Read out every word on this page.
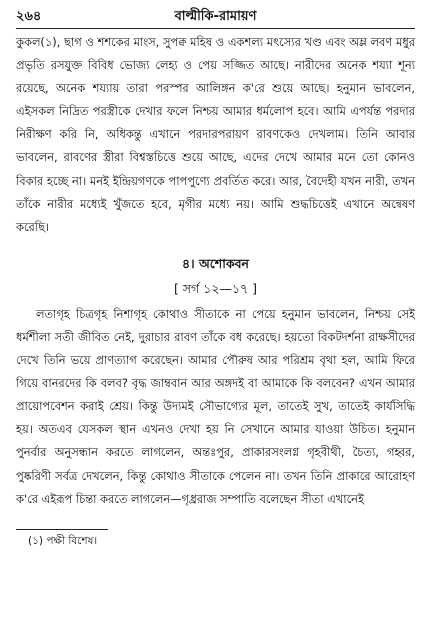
২৬৪	বাল্মীকি-রামায়ণ

কুকল(১), ছাগ ও শশকের মাংস, সুপক্ব মহিষ ও একশল্য মৎস্যের খণ্ড এবং অম্ল লবণ মধুর প্রভৃতি রসযুক্ত বিবিধ ভোজ্য লেহ্য ও পেয় সজ্জিত আছে। নারীদের অনেক শয্যা শূন্য রয়েছে, অনেক শয্যায় তারা পরস্পর আলিঙ্গন ক'রে শুয়ে আছে। হনুমান ভাবলেন, এইসকল নিদ্রিত পরস্ত্রীকে দেখার ফলে নিশ্চয় আমার ধর্মলোপ হবে। আমি এপর্যন্ত পরদার নিরীক্ষণ করি নি, অধিকন্তু এখানে পরদারপরায়ণ রাবণকেও দেখলাম। তিনি আবার ভাবলেন, রাবণের স্ত্রীরা বিশ্বস্তচিত্তে শুয়ে আছে, এদের দেখে আমার মনে তো কোনও বিকার হচ্ছে না। মনই ইন্দ্রিয়গণকে পাপপুণ্যে প্রবর্তিত করে। আর, বৈদেহী যখন নারী, তখন তাঁকে নারীর মধ্যেই খুঁজতে হবে, মৃগীর মধ্যে নয়। আমি শুদ্ধচিত্তেই এখানে অন্বেষণ করেছি।

৪। অশোকবন
[ সর্গ ১২—১৭ ]

লতাগৃহ চিত্রগৃহ নিশাগৃহ কোথাও সীতাকে না পেয়ে হনুমান ভাবলেন, নিশ্চয় সেই ধর্মশীলা সতী জীবিত নেই, দুরাচার রাবণ তাঁকে বধ করেছে। হয়তো বিকটদর্শনা রাক্ষসীদের দেখে তিনি ভয়ে প্রাণত্যাগ করেছেন। আমার পৌরুষ আর পরিশ্রম বৃথা হল, আমি ফিরে গিয়ে বানরদের কি বলব? বৃদ্ধ জাম্ববান আর অঙ্গদই বা আমাকে কি বলবেন? এখন আমার প্রায়োপবেশন করাই শ্রেয়। কিন্তু উদ্যমই সৌভাগ্যের মূল, তাতেই সুখ, তাতেই কার্যসিদ্ধি হয়। অতএব যেসকল স্থান এখনও দেখা হয় নি সেখানে আমার যাওয়া উচিত। হনুমান পুনর্বার অনুসন্ধান করতে লাগলেন, অন্তঃপুর, প্রাকারসংলগ্ন গৃহবীথী, চৈত্য, গহ্বর, পুষ্করিণী সর্বত্র দেখলেন, কিন্তু কোথাও সীতাকে পেলেন না। তখন তিনি প্রাকারে আরোহণ ক'রে এইরূপ চিন্তা করতে লাগলেন—গৃধ্ররাজ সম্পাতি বলেছেন সীতা এখানেই

(১) পক্ষী বিশেষ।
